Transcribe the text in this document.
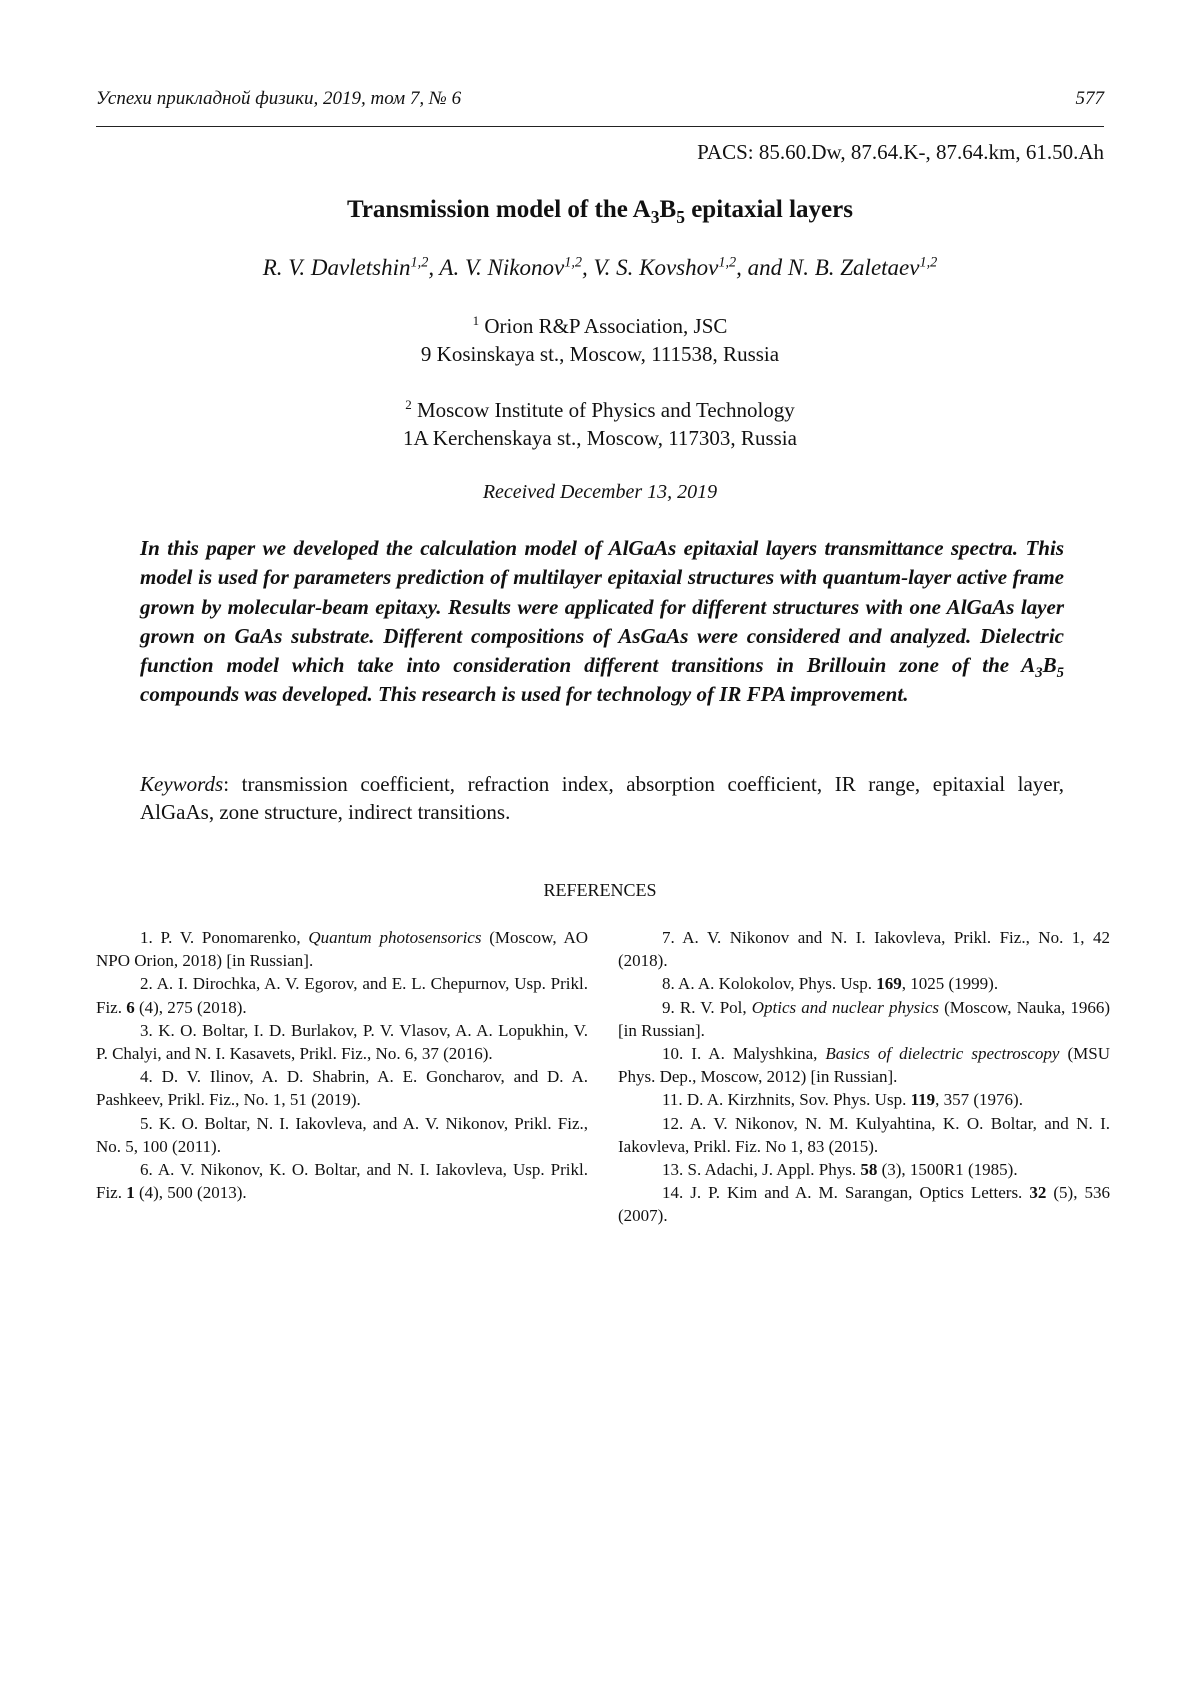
Успехи прикладной физики, 2019, том 7, № 6	577
PACS: 85.60.Dw, 87.64.K-, 87.64.km, 61.50.Ah
Transmission model of the $A_3B_5$ epitaxial layers
R. V. Davletshin$^{1,2}$, A. V. Nikonov$^{1,2}$, V. S. Kovshov$^{1,2}$, and N. B. Zaletaev$^{1,2}$
$^1$ Orion R&P Association, JSC
9 Kosinskaya st., Moscow, 111538, Russia
$^2$ Moscow Institute of Physics and Technology
1A Kerchenskaya st., Moscow, 117303, Russia
Received December 13, 2019
In this paper we developed the calculation model of AlGaAs epitaxial layers transmittance spectra. This model is used for parameters prediction of multilayer epitaxial structures with quantum-layer active frame grown by molecular-beam epitaxy. Results were applicated for different structures with one AlGaAs layer grown on GaAs substrate. Different compositions of AsGaAs were considered and analyzed. Dielectric function model which take into consideration different transitions in Brillouin zone of the $A_3B_5$ compounds was developed. This research is used for technology of IR FPA improvement.
Keywords: transmission coefficient, refraction index, absorption coefficient, IR range, epitaxial layer, AlGaAs, zone structure, indirect transitions.
REFERENCES

1. P. V. Ponomarenko, Quantum photosensorics (Moscow, AO NPO Orion, 2018) [in Russian].

2. A. I. Dirochka, A. V. Egorov, and E. L. Chepurnov, Usp. Prikl. Fiz. 6 (4), 275 (2018).

3. K. O. Boltar, I. D. Burlakov, P. V. Vlasov, A. A. Lopukhin, V. P. Chalyi, and N. I. Kasavets, Prikl. Fiz., No. 6, 37 (2016).

4. D. V. Ilinov, A. D. Shabrin, A. E. Goncharov, and D. A. Pashkeev, Prikl. Fiz., No. 1, 51 (2019).

5. K. O. Boltar, N. I. Iakovleva, and A. V. Nikonov, Prikl. Fiz., No. 5, 100 (2011).

6. A. V. Nikonov, K. O. Boltar, and N. I. Iakovleva, Usp. Prikl. Fiz. 1 (4), 500 (2013).

7. A. V. Nikonov and N. I. Iakovleva, Prikl. Fiz., No. 1, 42 (2018).

8. A. A. Kolokolov, Phys. Usp. 169, 1025 (1999).

9. R. V. Pol, Optics and nuclear physics (Moscow, Nauka, 1966) [in Russian].

10. I. A. Malyshkina, Basics of dielectric spectroscopy (MSU Phys. Dep., Moscow, 2012) [in Russian].

11. D. A. Kirzhnits, Sov. Phys. Usp. 119, 357 (1976).

12. A. V. Nikonov, N. M. Kulyahtina, K. O. Boltar, and N. I. Iakovleva, Prikl. Fiz. No 1, 83 (2015).

13. S. Adachi, J. Appl. Phys. 58 (3), 1500R1 (1985).

14. J. P. Kim and A. M. Sarangan, Optics Letters. 32 (5), 536 (2007).
